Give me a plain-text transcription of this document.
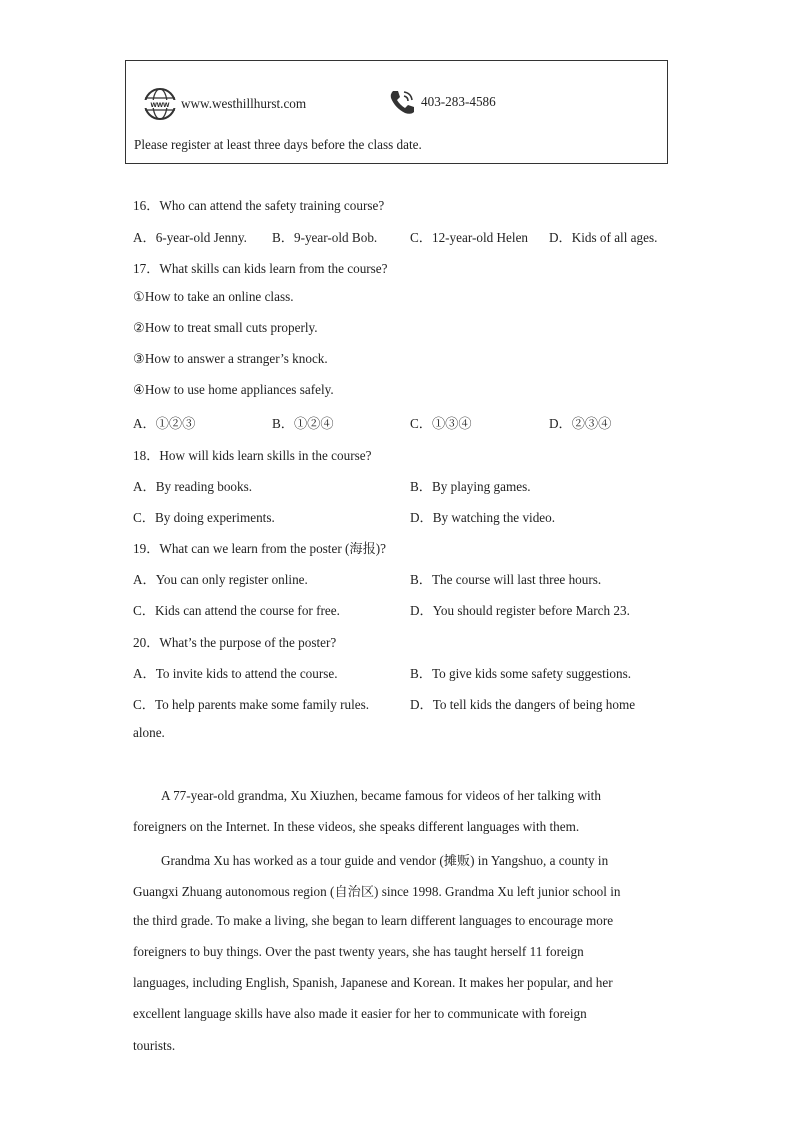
www www.westhillhurst.com	403-283-4586
Please register at least three days before the class date.
16．Who can attend the safety training course?
A．6-year-old Jenny. B．9-year-old Bob. C．12-year-old Helen D．Kids of all ages.
17．What skills can kids learn from the course?
①How to take an online class.
②How to treat small cuts properly.
③How to answer a stranger’s knock.
④How to use home appliances safely.
A．①②③	B．①②④	C．①③④	D．②③④
18．How will kids learn skills in the course?
A．By reading books.	B．By playing games.
C．By doing experiments.	D．By watching the video.
19．What can we learn from the poster (海报)?
A．You can only register online.	B．The course will last three hours.
C．Kids can attend the course for free.	D．You should register before March 23.
20．What’s the purpose of the poster?
A．To invite kids to attend the course.	B．To give kids some safety suggestions.
C．To help parents make some family rules.	D．To tell kids the dangers of being home
alone.
A 77-year-old grandma, Xu Xiuzhen, became famous for videos of her talking with
foreigners on the Internet. In these videos, she speaks different languages with them.
Grandma Xu has worked as a tour guide and vendor (摊贩) in Yangshuo, a county in
Guangxi Zhuang autonomous region (自治区) since 1998. Grandma Xu left junior school in
the third grade. To make a living, she began to learn different languages to encourage more
foreigners to buy things. Over the past twenty years, she has taught herself 11 foreign
languages, including English, Spanish, Japanese and Korean. It makes her popular, and her
excellent language skills have also made it easier for her to communicate with foreign
tourists.
